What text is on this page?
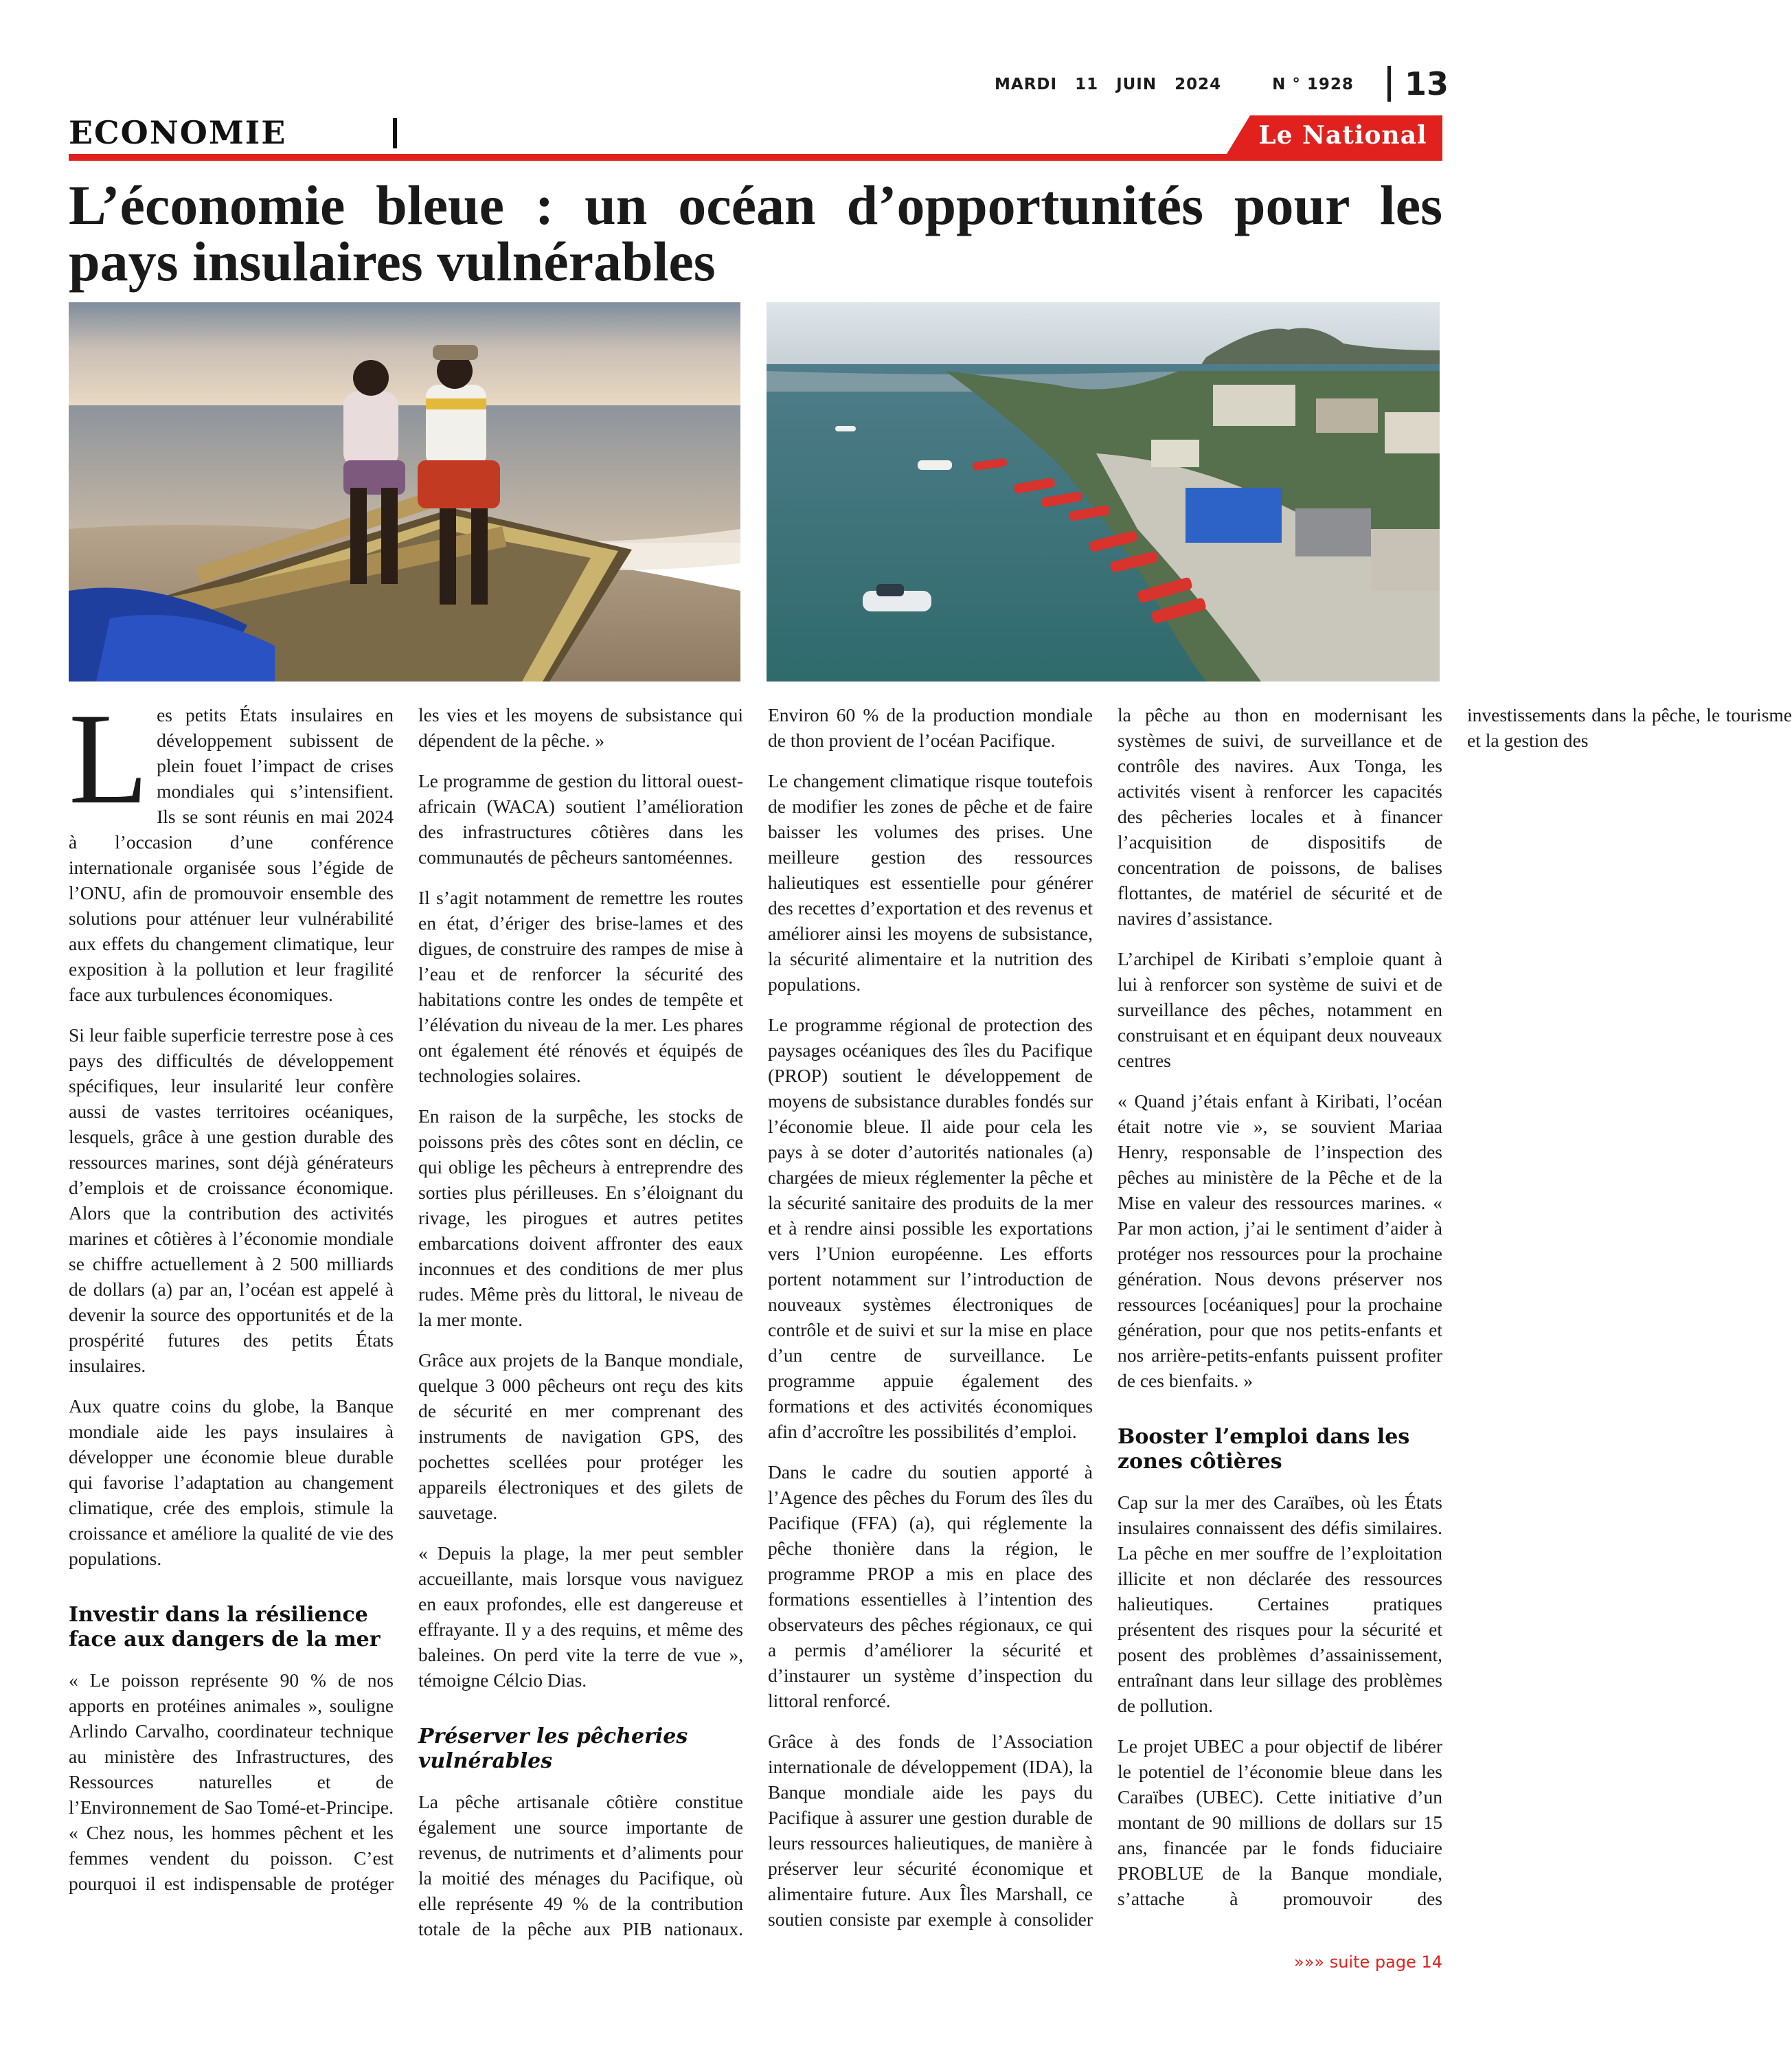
MARDI 11 JUIN 2024	N ° 1928	13
ECONOMIE	Le National
L’économie bleue : un océan d’opportunités pour les pays insulaires vulnérables

Les petits États insulaires en développement subissent de plein fouet l’impact de crises mondiales qui s’intensifient. Ils se sont réunis en mai 2024 à l’occasion d’une conférence internationale organisée sous l’égide de l’ONU, afin de promouvoir ensemble des solutions pour atténuer leur vulnérabilité aux effets du changement climatique, leur exposition à la pollution et leur fragilité face aux turbulences économiques.

Si leur faible superficie terrestre pose à ces pays des difficultés de développement spécifiques, leur insularité leur confère aussi de vastes territoires océaniques, lesquels, grâce à une gestion durable des ressources marines, sont déjà générateurs d’emplois et de croissance économique. Alors que la contribution des activités marines et côtières à l’économie mondiale se chiffre actuellement à 2 500 milliards de dollars (a) par an, l’océan est appelé à devenir la source des opportunités et de la prospérité futures des petits États insulaires.

Aux quatre coins du globe, la Banque mondiale aide les pays insulaires à développer une économie bleue durable qui favorise l’adaptation au changement climatique, crée des emplois, stimule la croissance et améliore la qualité de vie des populations.

Investir dans la résilience face aux dangers de la mer

« Le poisson représente 90 % de nos apports en protéines animales », souligne Arlindo Carvalho, coordinateur technique au ministère des Infrastructures, des Ressources naturelles et de l’Environnement de Sao Tomé-et-Principe. « Chez nous, les hommes pêchent et les femmes vendent du poisson. C’est pourquoi il est indispensable de protéger les vies et les moyens de subsistance qui dépendent de la pêche. »

Le programme de gestion du littoral ouest-africain (WACA) soutient l’amélioration des infrastructures côtières dans les communautés de pêcheurs santoméennes.

Il s’agit notamment de remettre les routes en état, d’ériger des brise-lames et des digues, de construire des rampes de mise à l’eau et de renforcer la sécurité des habitations contre les ondes de tempête et l’élévation du niveau de la mer. Les phares ont également été rénovés et équipés de technologies solaires.

En raison de la surpêche, les stocks de poissons près des côtes sont en déclin, ce qui oblige les pêcheurs à entreprendre des sorties plus périlleuses. En s’éloignant du rivage, les pirogues et autres petites embarcations doivent affronter des eaux inconnues et des conditions de mer plus rudes. Même près du littoral, le niveau de la mer monte.

Grâce aux projets de la Banque mondiale, quelque 3 000 pêcheurs ont reçu des kits de sécurité en mer comprenant des instruments de navigation GPS, des pochettes scellées pour protéger les appareils électroniques et des gilets de sauvetage.

« Depuis la plage, la mer peut sembler accueillante, mais lorsque vous naviguez en eaux profondes, elle est dangereuse et effrayante. Il y a des requins, et même des baleines. On perd vite la terre de vue », témoigne Célcio Dias.

Préserver les pêcheries vulnérables

La pêche artisanale côtière constitue également une source importante de revenus, de nutriments et d’aliments pour la moitié des ménages du Pacifique, où elle représente 49 % de la contribution totale de la pêche aux PIB nationaux. Environ 60 % de la production mondiale de thon provient de l’océan Pacifique.

Le changement climatique risque toutefois de modifier les zones de pêche et de faire baisser les volumes des prises. Une meilleure gestion des ressources halieutiques est essentielle pour générer des recettes d’exportation et des revenus et améliorer ainsi les moyens de subsistance, la sécurité alimentaire et la nutrition des populations.

Le programme régional de protection des paysages océaniques des îles du Pacifique (PROP) soutient le développement de moyens de subsistance durables fondés sur l’économie bleue. Il aide pour cela les pays à se doter d’autorités nationales (a) chargées de mieux réglementer la pêche et la sécurité sanitaire des produits de la mer et à rendre ainsi possible les exportations vers l’Union européenne. Les efforts portent notamment sur l’introduction de nouveaux systèmes électroniques de contrôle et de suivi et sur la mise en place d’un centre de surveillance. Le programme appuie également des formations et des activités économiques afin d’accroître les possibilités d’emploi.

Dans le cadre du soutien apporté à l’Agence des pêches du Forum des îles du Pacifique (FFA) (a), qui réglemente la pêche thonière dans la région, le programme PROP a mis en place des formations essentielles à l’intention des observateurs des pêches régionaux, ce qui a permis d’améliorer la sécurité et d’instaurer un système d’inspection du littoral renforcé.

Grâce à des fonds de l’Association internationale de développement (IDA), la Banque mondiale aide les pays du Pacifique à assurer une gestion durable de leurs ressources halieutiques, de manière à préserver leur sécurité économique et alimentaire future. Aux Îles Marshall, ce soutien consiste par exemple à consolider la pêche au thon en modernisant les systèmes de suivi, de surveillance et de contrôle des navires. Aux Tonga, les activités visent à renforcer les capacités des pêcheries locales et à financer l’acquisition de dispositifs de concentration de poissons, de balises flottantes, de matériel de sécurité et de navires d’assistance.

L’archipel de Kiribati s’emploie quant à lui à renforcer son système de suivi et de surveillance des pêches, notamment en construisant et en équipant deux nouveaux centres

« Quand j’étais enfant à Kiribati, l’océan était notre vie », se souvient Mariaa Henry, responsable de l’inspection des pêches au ministère de la Pêche et de la Mise en valeur des ressources marines. « Par mon action, j’ai le sentiment d’aider à protéger nos ressources pour la prochaine génération. Nous devons préserver nos ressources [océaniques] pour la prochaine génération, pour que nos petits-enfants et nos arrière-petits-enfants puissent profiter de ces bienfaits. »

Booster l’emploi dans les zones côtières

Cap sur la mer des Caraïbes, où les États insulaires connaissent des défis similaires. La pêche en mer souffre de l’exploitation illicite et non déclarée des ressources halieutiques. Certaines pratiques présentent des risques pour la sécurité et posent des problèmes d’assainissement, entraînant dans leur sillage des problèmes de pollution.

Le projet UBEC a pour objectif de libérer le potentiel de l’économie bleue dans les Caraïbes (UBEC). Cette initiative d’un montant de 90 millions de dollars sur 15 ans, financée par le fonds fiduciaire PROBLUE de la Banque mondiale, s’attache à promouvoir des investissements dans la pêche, le tourisme et la gestion des

»»» suite page 14
